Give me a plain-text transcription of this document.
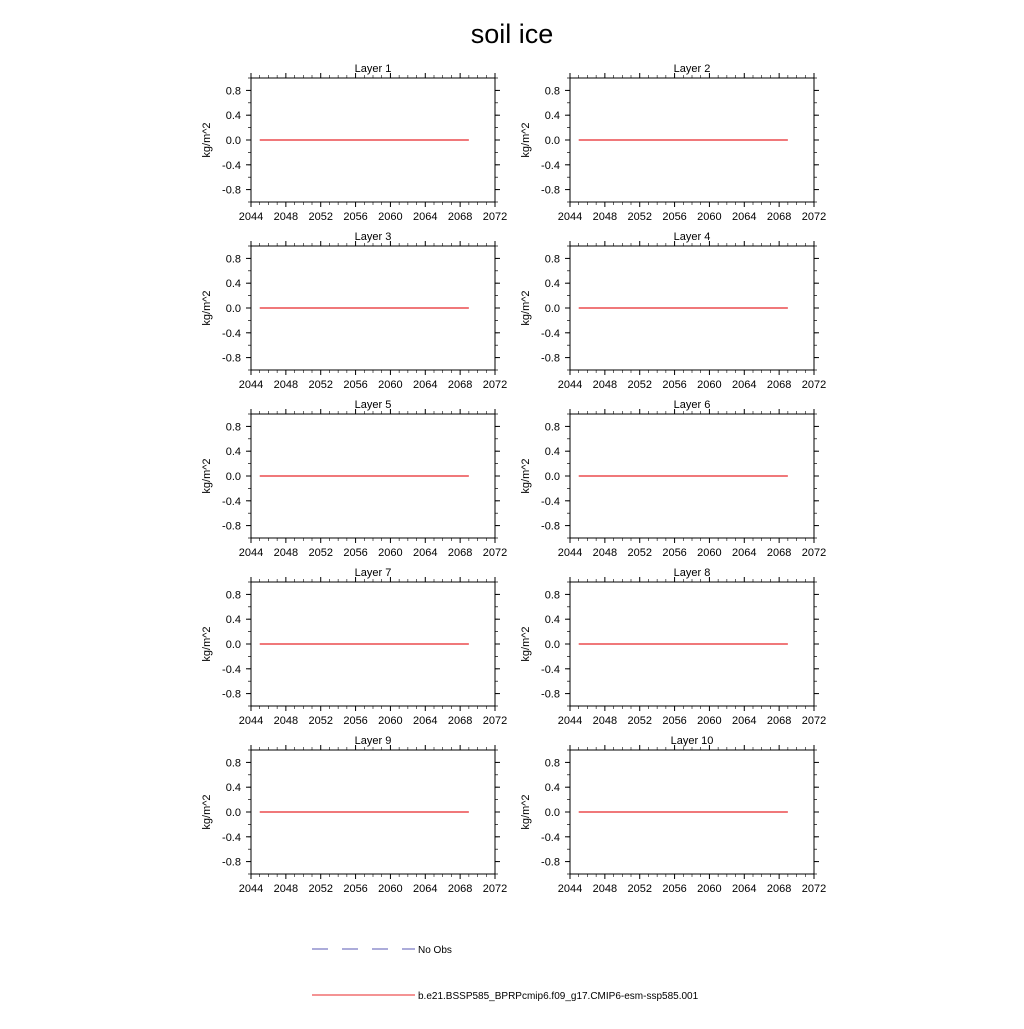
soil ice
Layer 1
0.8
0.4
0.0
-0.4
-0.8
2044 2048 2052 2056 2060 2064 2068 2072
kg/m^2
Layer 2
0.8
0.4
0.0
-0.4
-0.8
2044 2048 2052 2056 2060 2064 2068 2072
kg/m^2
Layer 3
0.8
0.4
0.0
-0.4
-0.8
2044 2048 2052 2056 2060 2064 2068 2072
kg/m^2
Layer 4
0.8
0.4
0.0
-0.4
-0.8
2044 2048 2052 2056 2060 2064 2068 2072
kg/m^2
Layer 5
0.8
0.4
0.0
-0.4
-0.8
2044 2048 2052 2056 2060 2064 2068 2072
kg/m^2
Layer 6
0.8
0.4
0.0
-0.4
-0.8
2044 2048 2052 2056 2060 2064 2068 2072
kg/m^2
Layer 7
0.8
0.4
0.0
-0.4
-0.8
2044 2048 2052 2056 2060 2064 2068 2072
kg/m^2
Layer 8
0.8
0.4
0.0
-0.4
-0.8
2044 2048 2052 2056 2060 2064 2068 2072
kg/m^2
Layer 9
0.8
0.4
0.0
-0.4
-0.8
2044 2048 2052 2056 2060 2064 2068 2072
kg/m^2
Layer 10
0.8
0.4
0.0
-0.4
-0.8
2044 2048 2052 2056 2060 2064 2068 2072
kg/m^2
No Obs
b.e21.BSSP585_BPRPcmip6.f09_g17.CMIP6-esm-ssp585.001
